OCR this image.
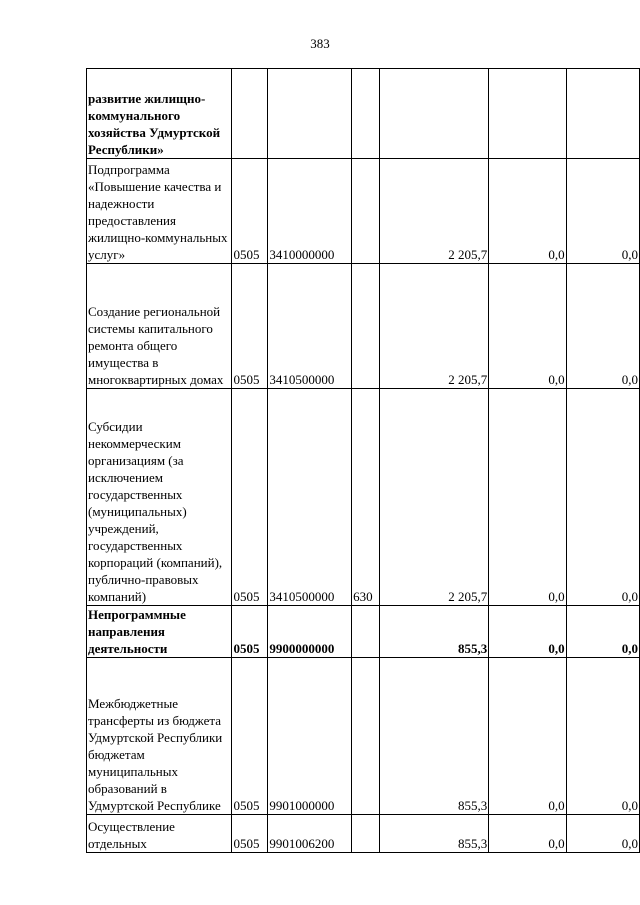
383
развитие жилищно-коммунального хозяйства Удмуртской Республики»						
Подпрограмма «Повышение качества и надежности предоставления жилищно-коммунальных услуг»	0505	3410000000		2 205,7	0,0	0,0
Создание региональной системы капитального ремонта общего имущества в многоквартирных домах	0505	3410500000		2 205,7	0,0	0,0
Субсидии некоммерческим организациям (за исключением государственных (муниципальных) учреждений, государственных корпораций (компаний), публично-правовых компаний)	0505	3410500000	630	2 205,7	0,0	0,0
Непрограммные направления деятельности	0505	9900000000		855,3	0,0	0,0
Межбюджетные трансферты из бюджета Удмуртской Республики бюджетам муниципальных образований в Удмуртской Республике	0505	9901000000		855,3	0,0	0,0
Осуществление отдельных	0505	9901006200		855,3	0,0	0,0
